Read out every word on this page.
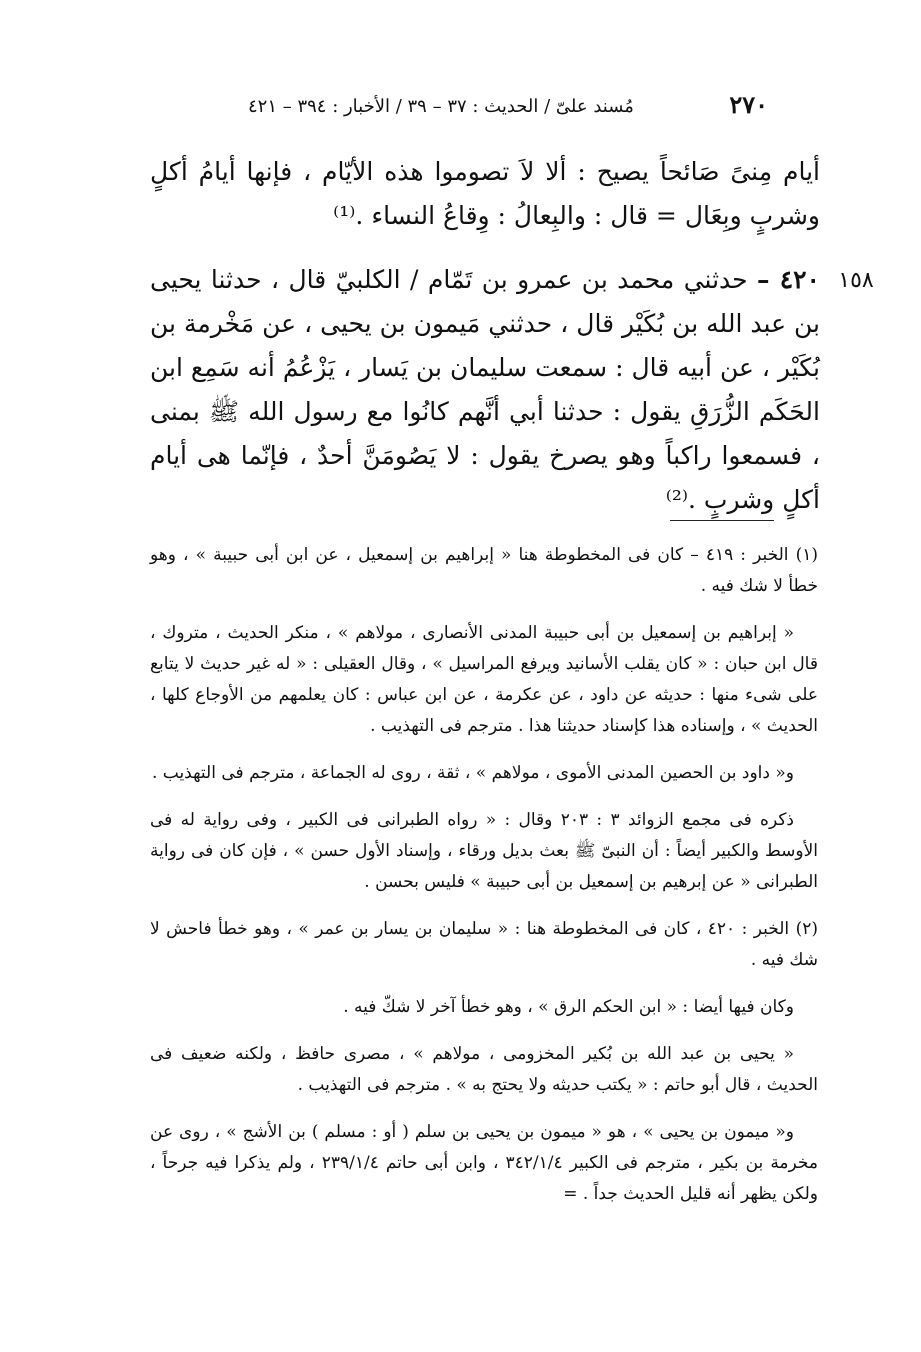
٢٧٠
مُسند علىّ / الحديث : ٣٧ – ٣٩ / الأخبار : ٣٩٤ – ٤٢١
أيام مِنىً صَائحاً يصيح : ألا لاَ تصوموا هذه الأيّام ، فإنها أيامُ أكلٍ وشربٍ وبِعَال = قال : والبِعالُ : وِقاعُ النساء .⁽¹⁾
١٥٨
٤٢٠ – حدثني محمد بن عمرو بن تَمّام / الكلبيّ قال ، حدثنا يحيى بن عبد الله بن بُكَيْر قال ، حدثني مَيمون بن يحيى ، عن مَخْرمة بن بُكَيْر ، عن أبيه قال : سمعت سليمان بن يَسار ، يَزْعُمُ أنه سَمِع ابن الحَكَم الزُّرَقِ يقول : حدثنا أبي أنَّهم كانُوا مع رسول الله ﷺ بمنى ، فسمعوا راكباً وهو يصرخ يقول : لا يَصُومَنَّ أحدٌ ، فإنّما هى أيام أكلٍ وشربٍ .⁽²⁾

(١) الخبر : ٤١٩ – كان فى المخطوطة هنا « إبراهيم بن إسمعيل ، عن ابن أبى حبيبة » ، وهو خطأ لا شك فيه .

« إبراهيم بن إسمعيل بن أبى حبيبة المدنى الأنصارى ، مولاهم » ، منكر الحديث ، متروك ، قال ابن حبان : « كان يقلب الأسانيد ويرفع المراسيل » ، وقال العقيلى : « له غير حديث لا يتابع على شىء منها : حديثه عن داود ، عن عكرمة ، عن ابن عباس : كان يعلمهم من الأوجاع كلها ، الحديث » ، وإسناده هذا كإسناد حديثنا هذا . مترجم فى التهذيب .

و« داود بن الحصين المدنى الأموى ، مولاهم » ، ثقة ، روى له الجماعة ، مترجم فى التهذيب .

ذكره فى مجمع الزوائد ٣ : ٢٠٣ وقال : « رواه الطبرانى فى الكبير ، وفى رواية له فى الأوسط والكبير أيضاً : أن النبىّ ﷺ بعث بديل ورقاء ، وإسناد الأول حسن » ، فإن كان فى رواية الطبرانى « عن إبرهيم بن إسمعيل بن أبى حبيبة » فليس بحسن .

(٢) الخبر : ٤٢٠ ، كان فى المخطوطة هنا : « سليمان بن يسار بن عمر » ، وهو خطأ فاحش لا شك فيه .

وكان فيها أيضا : « ابن الحكم الرق » ، وهو خطأ آخر لا شكّ فيه .

« يحيى بن عبد الله بن بُكير المخزومى ، مولاهم » ، مصرى حافظ ، ولكنه ضعيف فى الحديث ، قال أبو حاتم : « يكتب حديثه ولا يحتج به » . مترجم فى التهذيب .

و« ميمون بن يحيى » ، هو « ميمون بن يحيى بن سلم ( أو : مسلم ) بن الأشج » ، روى عن مخرمة بن بكير ، مترجم فى الكبير ٣٤٢/١/٤ ، وابن أبى حاتم ٢٣٩/١/٤ ، ولم يذكرا فيه جرحاً ، ولكن يظهر أنه قليل الحديث جداً . =
